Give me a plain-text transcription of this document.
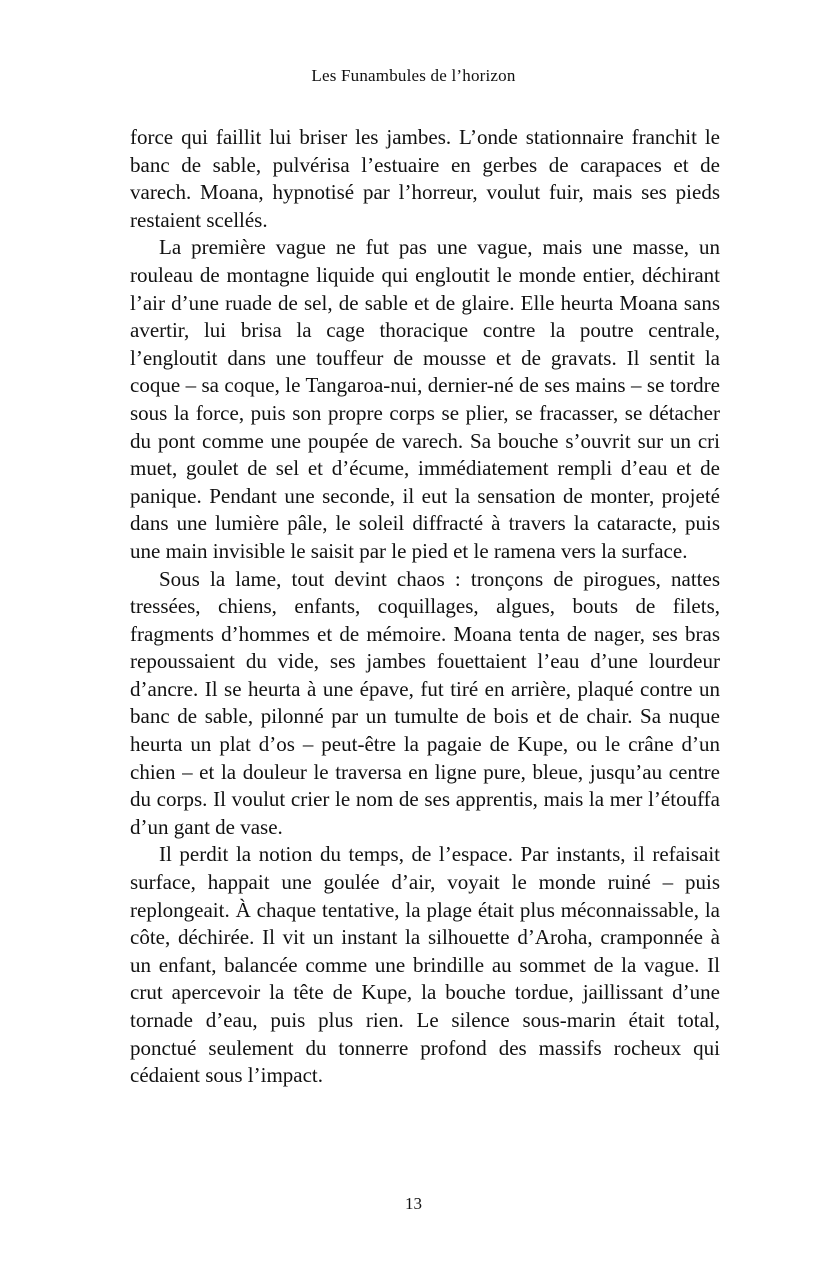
Les Funambules de l’horizon

force qui faillit lui briser les jambes. L’onde stationnaire franchit le banc de sable, pulvérisa l’estuaire en gerbes de carapaces et de varech. Moana, hypnotisé par l’horreur, voulut fuir, mais ses pieds restaient scellés.

La première vague ne fut pas une vague, mais une masse, un rouleau de montagne liquide qui engloutit le monde entier, déchirant l’air d’une ruade de sel, de sable et de glaire. Elle heurta Moana sans avertir, lui brisa la cage thoracique contre la poutre centrale, l’engloutit dans une touffeur de mousse et de gravats. Il sentit la coque – sa coque, le Tangaroa-nui, dernier-né de ses mains – se tordre sous la force, puis son propre corps se plier, se fracasser, se détacher du pont comme une poupée de varech. Sa bouche s’ouvrit sur un cri muet, goulet de sel et d’écume, immédiatement rempli d’eau et de panique. Pendant une seconde, il eut la sensation de monter, projeté dans une lumière pâle, le soleil diffracté à travers la cataracte, puis une main invisible le saisit par le pied et le ramena vers la surface.

Sous la lame, tout devint chaos : tronçons de pirogues, nattes tressées, chiens, enfants, coquillages, algues, bouts de filets, fragments d’hommes et de mémoire. Moana tenta de nager, ses bras repoussaient du vide, ses jambes fouettaient l’eau d’une lourdeur d’ancre. Il se heurta à une épave, fut tiré en arrière, plaqué contre un banc de sable, pilonné par un tumulte de bois et de chair. Sa nuque heurta un plat d’os – peut-être la pagaie de Kupe, ou le crâne d’un chien – et la douleur le traversa en ligne pure, bleue, jusqu’au centre du corps. Il voulut crier le nom de ses apprentis, mais la mer l’étouffa d’un gant de vase.

Il perdit la notion du temps, de l’espace. Par instants, il refaisait surface, happait une goulée d’air, voyait le monde ruiné – puis replongeait. À chaque tentative, la plage était plus méconnaissable, la côte, déchirée. Il vit un instant la silhouette d’Aroha, cramponnée à un enfant, balancée comme une brindille au sommet de la vague. Il crut apercevoir la tête de Kupe, la bouche tordue, jaillissant d’une tornade d’eau, puis plus rien. Le silence sous-marin était total, ponctué seulement du tonnerre profond des massifs rocheux qui cédaient sous l’impact.

13
